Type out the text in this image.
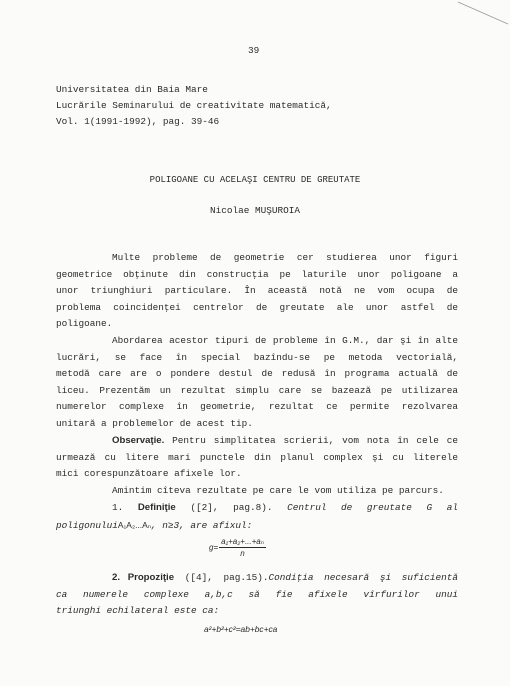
39
Universitatea din Baia Mare
Lucrările Seminarului de creativitate matematică,
Vol. 1(1991-1992), pag. 39-46
POLIGOANE CU ACELAŞI CENTRU DE GREUTATE
Nicolae MUŞUROIA
Multe probleme de geometrie cer studierea unor figuri
geometrice obţinute din construcţia pe laturile unor poligoane a
unor triunghiuri particulare. În această notă ne vom ocupa de
problema coincidenţei centrelor de greutate ale unor astfel de
poligoane.
Abordarea acestor tipuri de probleme în G.M., dar şi în alte
lucrări, se face în special bazîndu-se pe metoda vectorială,
metodă care are o pondere destul de redusă în programa actuală de
liceu. Prezentăm un rezultat simplu care se bazează pe utilizarea
numerelor complexe în geometrie, rezultat ce permite rezolvarea
unitară a problemelor de acest tip.
Observaţie. Pentru simplitatea scrierii, vom nota în cele ce
urmează cu litere mari punctele din planul complex şi cu literele
mici corespunzătoare afixele lor.
Amintim cîteva rezultate pe care le vom utiliza pe parcurs.
1. Definiţie ([2], pag.8). Centrul de greutate G al
poligonuluiA₁A₂...Aₙ, n≥3, are afixul:
$g= \frac{\text{a₁+a₂+...+aₙ}}{n}$
2. Propoziţie ([4], pag.15).Condiţia necesară şi suficientă
ca numerele complexe a,b,c să fie afixele vîrfurilor unui
triunghi echilateral este ca:
a²+b²+c²=ab+bc+ca
